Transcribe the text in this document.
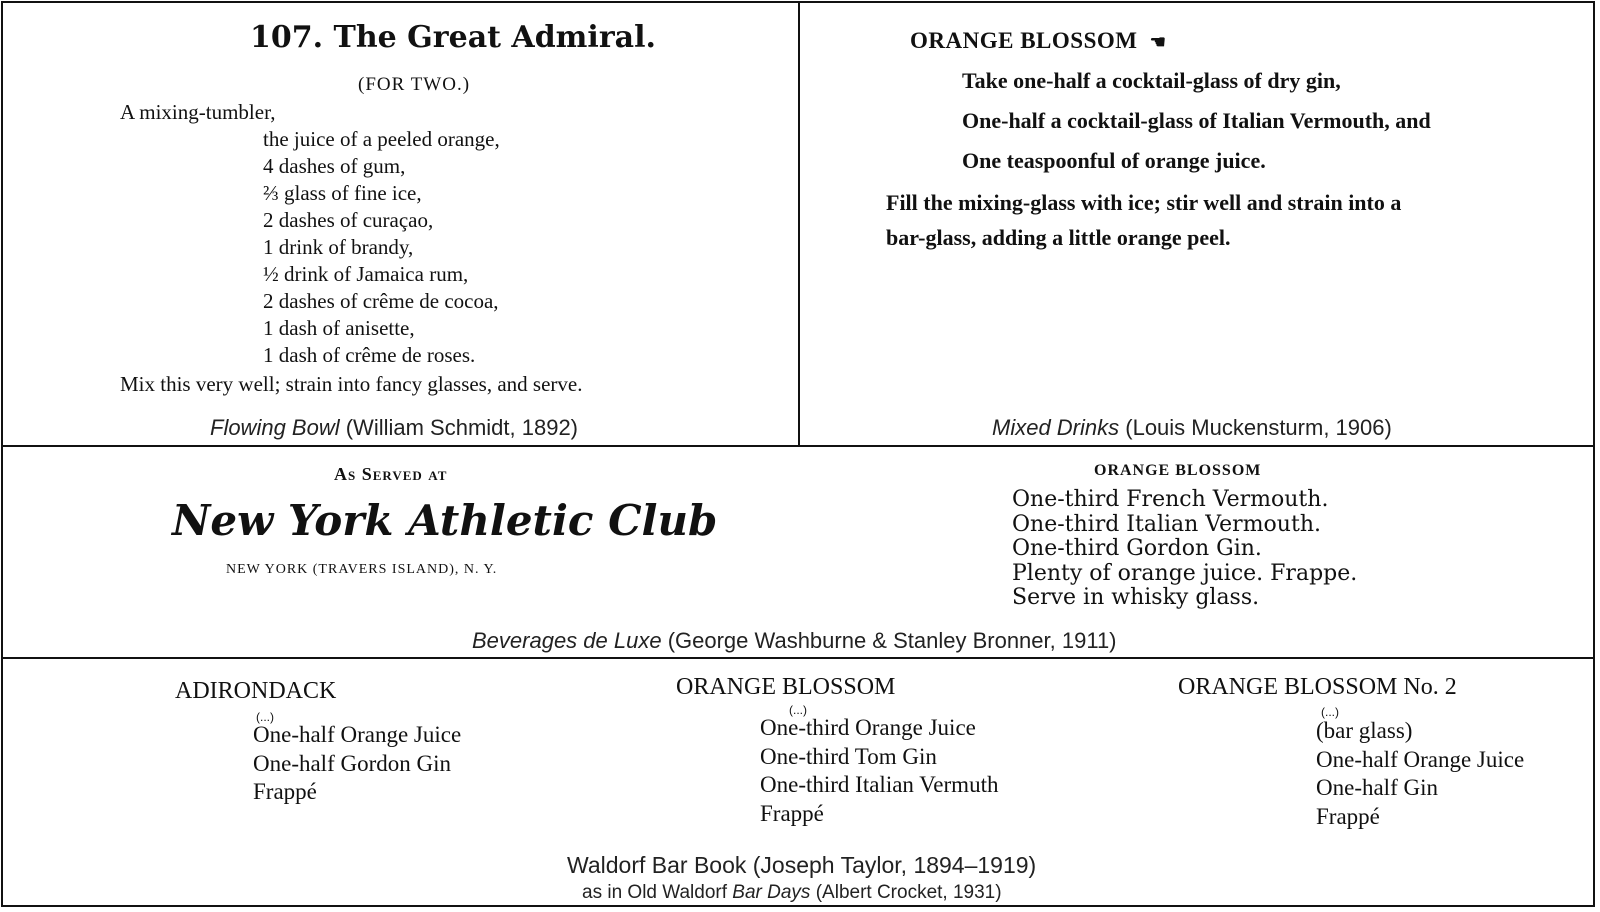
107. The Great Admiral.
(FOR TWO.)
A mixing-tumbler,
the juice of a peeled orange,
4 dashes of gum,
⅔ glass of fine ice,
2 dashes of curaçao,
1 drink of brandy,
½ drink of Jamaica rum,
2 dashes of crême de cocoa,
1 dash of anisette,
1 dash of crême de roses.
Mix this very well; strain into fancy glasses, and serve.
Flowing Bowl (William Schmidt, 1892)
ORANGE BLOSSOM ☚
Take one-half a cocktail-glass of dry gin,
One-half a cocktail-glass of Italian Vermouth, and
One teaspoonful of orange juice.
Fill the mixing-glass with ice; stir well and strain into a
bar-glass, adding a little orange peel.
Mixed Drinks (Louis Muckensturm, 1906)
As Served at
New York Athletic Club
NEW YORK (TRAVERS ISLAND), N. Y.
ORANGE BLOSSOM
One-third French Vermouth.
One-third Italian Vermouth.
One-third Gordon Gin.
Plenty of orange juice. Frappe.
Serve in whisky glass.
Beverages de Luxe (George Washburne & Stanley Bronner, 1911)
ADIRONDACK
(...)
One-half Orange Juice
One-half Gordon Gin
Frappé
ORANGE BLOSSOM
(...)
One-third Orange Juice
One-third Tom Gin
One-third Italian Vermuth
Frappé
ORANGE BLOSSOM No. 2
(...)
(bar glass)
One-half Orange Juice
One-half Gin
Frappé
Waldorf Bar Book (Joseph Taylor, 1894–1919)
as in Old Waldorf Bar Days (Albert Crocket, 1931)
